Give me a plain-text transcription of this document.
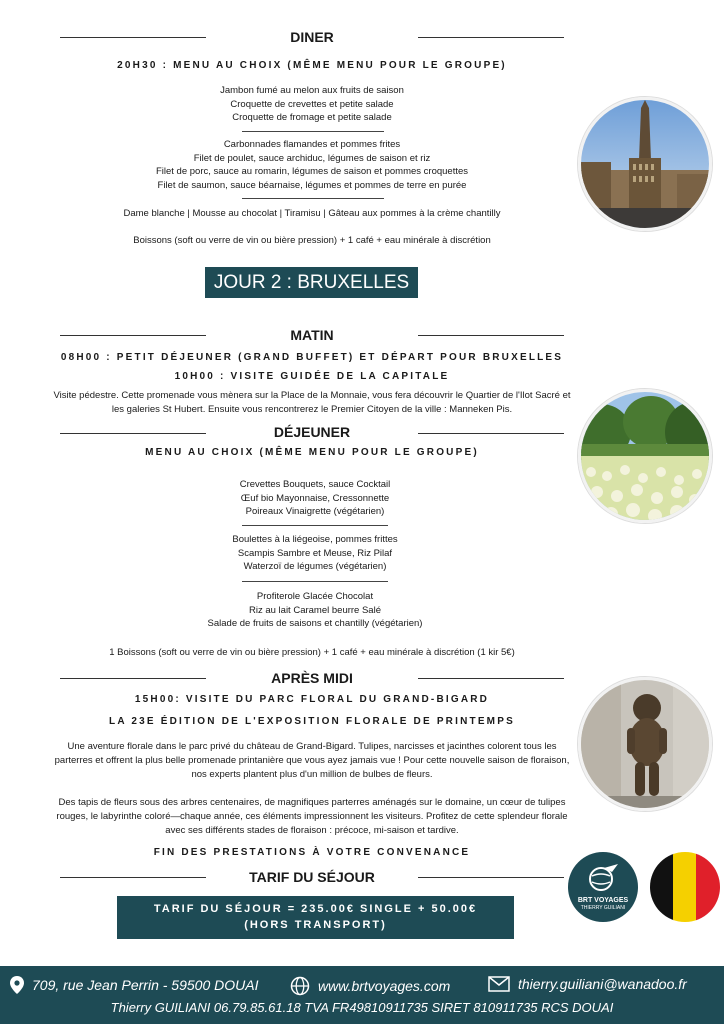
DINER
20H30 : MENU AU CHOIX (MÊME MENU POUR LE GROUPE)
Jambon fumé au melon aux fruits de saison
Croquette de crevettes et petite salade
Croquette de fromage et petite salade
Carbonnades flamandes et pommes frites
Filet de poulet, sauce archiduc, légumes de saison et riz
Filet de porc, sauce au romarin, légumes de saison et pommes croquettes
Filet de saumon, sauce béarnaise, légumes et pommes de terre en purée
Dame blanche | Mousse au chocolat | Tiramisu | Gâteau aux pommes à la crème chantilly
Boissons (soft ou verre de vin ou bière pression) + 1 café + eau minérale à discrétion
JOUR 2 : BRUXELLES
MATIN
08H00 : PETIT DÉJEUNER (GRAND BUFFET) ET DÉPART POUR BRUXELLES
10H00 : VISITE GUIDÉE DE LA CAPITALE
Visite pédestre. Cette promenade vous mènera sur la Place de la Monnaie, vous fera découvrir le Quartier de l'Ilot Sacré et les galeries St Hubert. Ensuite vous rencontrerez le Premier Citoyen de la ville : Manneken Pis.
DÉJEUNER
MENU AU CHOIX (MÊME MENU POUR LE GROUPE)
Crevettes Bouquets, sauce Cocktail
Œuf bio Mayonnaise, Cressonnette
Poireaux Vinaigrette (végétarien)
Boulettes à la liégeoise, pommes frittes
Scampis Sambre et Meuse, Riz Pilaf
Waterzoï de légumes (végétarien)
Profiterole Glacée Chocolat
Riz au lait Caramel beurre Salé
Salade de fruits de saisons et chantilly (végétarien)
1 Boissons (soft ou verre de vin ou bière pression) + 1 café + eau minérale à discrétion (1 kir 5€)
APRÈS MIDI
15H00: VISITE DU PARC FLORAL DU GRAND-BIGARD
LA 23E ÉDITION DE L'EXPOSITION FLORALE DE PRINTEMPS
Une aventure florale dans le parc privé du château de Grand-Bigard. Tulipes, narcisses et jacinthes colorent tous les parterres et offrent la plus belle promenade printanière que vous ayez jamais vue ! Pour cette nouvelle saison de floraison, nos experts plantent plus d'un million de bulbes de fleurs.
Des tapis de fleurs sous des arbres centenaires, de magnifiques parterres aménagés sur le domaine, un cœur de tulipes rouges, le labyrinthe coloré—chaque année, ces éléments impressionnent les visiteurs. Profitez de cette splendeur florale avec ses différents stades de floraison : précoce, mi-saison et tardive.
FIN DES PRESTATIONS À VOTRE CONVENANCE
TARIF DU SÉJOUR
TARIF DU SÉJOUR = 235.00€ SINGLE + 50.00€
(HORS TRANSPORT)
BRT VOYAGES
THIERRY GUILIANI
709, rue Jean Perrin - 59500 DOUAI	www.brtvoyages.com	thierry.guiliani@wanadoo.fr
Thierry GUILIANI 06.79.85.61.18 TVA FR49810911735 SIRET 810911735 RCS DOUAI
